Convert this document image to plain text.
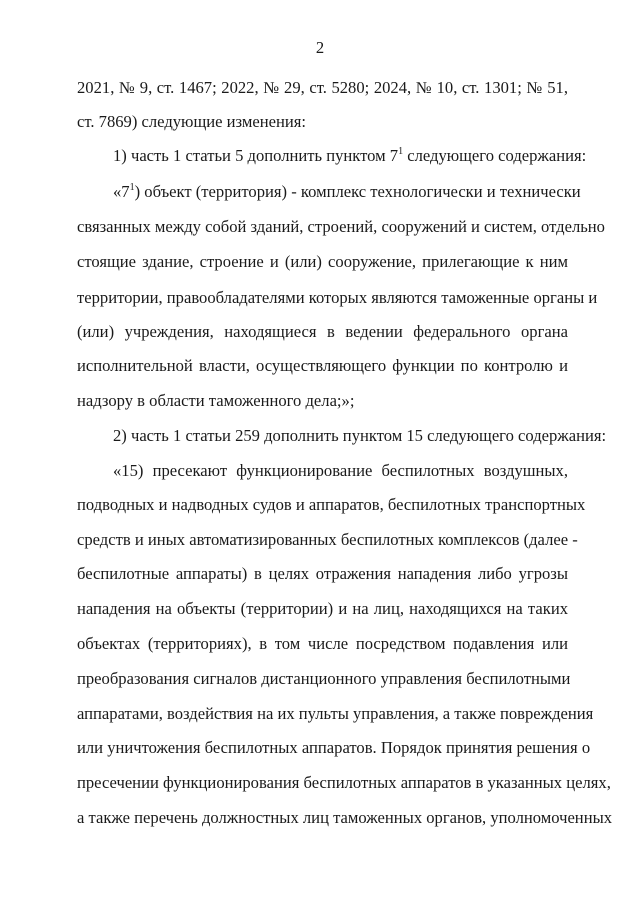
2
2021, № 9, ст. 1467; 2022, № 29, ст. 5280; 2024, № 10, ст. 1301; № 51,
ст. 7869) следующие изменения:
1) часть 1 статьи 5 дополнить пунктом $7^1$ следующего содержания:
«$7^1$) объект (территория) - комплекс технологически и технически
связанных между собой зданий, строений, сооружений и систем, отдельно
стоящие здание, строение и (или) сооружение, прилегающие к ним
территории, правообладателями которых являются таможенные органы и
(или) учреждения, находящиеся в ведении федерального органа
исполнительной власти, осуществляющего функции по контролю и
надзору в области таможенного дела;»;
2) часть 1 статьи 259 дополнить пунктом 15 следующего содержания:
«15) пресекают функционирование беспилотных воздушных,
подводных и надводных судов и аппаратов, беспилотных транспортных
средств и иных автоматизированных беспилотных комплексов (далее -
беспилотные аппараты) в целях отражения нападения либо угрозы
нападения на объекты (территории) и на лиц, находящихся на таких
объектах (территориях), в том числе посредством подавления или
преобразования сигналов дистанционного управления беспилотными
аппаратами, воздействия на их пульты управления, а также повреждения
или уничтожения беспилотных аппаратов. Порядок принятия решения о
пресечении функционирования беспилотных аппаратов в указанных целях,
а также перечень должностных лиц таможенных органов, уполномоченных
